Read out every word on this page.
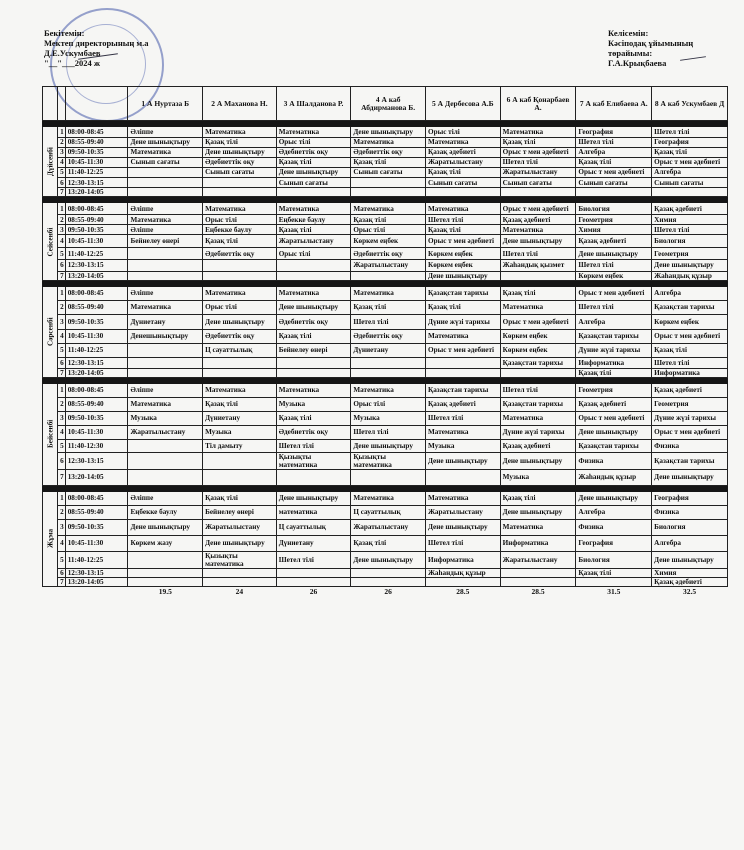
Бекітемін:
Мектеп директорының м.а
Д.Е.Ускумбаев
"__"___2024 ж
Келісемін:
Кәсіподақ ұйымының төрайымы:
Г.А.Крықбаева
			1 А Нуртаза Б	2 А Маханова Н.	3 А Шалданова Р.	4 А каб Абдирманова Б.	5 А Дербесова А.Б	6 А каб Қонарбаев А.	7 А каб Елибаева А.	8 А каб Ускумбаев Д

Дүйсенбі	1	08:00-08:45	Әліппе	Математика	Математика	Дене шынықтыру	Орыс тілі	Математика	География	Шетел тілі
	2	08:55-09:40	Дене шынықтыру	Қазақ тілі	Орыс тілі	Математика	Математика	Қазақ тілі	Шетел тілі	География
	3	09:50-10:35	Математика	Дене шынықтыру	Әдебиеттік оқу	Әдебиеттік оқу	Қазақ әдебиеті	Орыс т мен әдебиеті	Алгебра	Қазақ тілі
	4	10:45-11:30	Сынып сағаты	Әдебиеттік оқу	Қазақ тілі	Қазақ тілі	Жаратылыстану	Шетел тілі	Қазақ тілі	Орыс т мен әдебиеті
	5	11:40-12:25		Сынып сағаты	Дене шынықтыру	Сынып сағаты	Қазақ тілі	Жаратылыстану	Орыс т мен әдебиеті	Алгебра
	6	12:30-13:15			Сынып сағаты		Сынып сағаты	Сынып сағаты	Сынып сағаты	Сынып сағаты
	7	13:20-14:05								

Сейсенбі	1	08:00-08:45	Әліппе	Математика	Математика	Математика	Математика	Орыс т мен әдебиеті	Биология	Қазақ әдебиеті
	2	08:55-09:40	Математика	Орыс тілі	Еңбекке баулу	Қазақ тілі	Шетел тілі	Қазақ әдебиеті	Геометрия	Химия
	3	09:50-10:35	Әліппе	Еңбекке баулу	Қазақ тілі	Орыс тілі	Қазақ тілі	Математика	Химия	Шетел тілі
	4	10:45-11:30	Бейнелеу өнері	Қазақ тілі	Жаратылыстану	Көркем еңбек	Орыс т мен әдебиеті	Дене шынықтыру	Қазақ әдебиеті	Биология
	5	11:40-12:25		Әдебиеттік оқу	Орыс тілі	Әдебиеттік оқу	Көркем еңбек	Шетел тілі	Дене шынықтыру	Геометрия
	6	12:30-13:15				Жаратылыстану	Көркем еңбек	Жаһандық қызмет	Шетел тілі	Дене шынықтыру
	7	13:20-14:05					Дене шынықтыру		Көркем еңбек	Жаһандық құзыр

Сәрсенбі	1	08:00-08:45	Әліппе	Математика	Математика	Математика	Қазақстан тарихы	Қазақ тілі	Орыс т мен әдебиеті	Алгебра
	2	08:55-09:40	Математика	Орыс тілі	Дене шынықтыру	Қазақ тілі	Қазақ тілі	Математика	Шетел тілі	Қазақстан тарихы
	3	09:50-10:35	Дүниетану	Дене шынықтыру	Әдебиеттік оқу	Шетел тілі	Дүние жүзі тарихы	Орыс т мен әдебиеті	Алгебра	Көркем еңбек
	4	10:45-11:30	Денешынықтыру	Әдебиеттік оқу	Қазақ тілі	Әдебиеттік оқу	Математика	Көркем еңбек	Қазақстан тарихы	Орыс т мен әдебиеті
	5	11:40-12:25		Ц сауаттылық	Бейнелеу өнері	Дүниетану	Орыс т мен әдебиеті	Көркем еңбек	Дүние жүзі тарихы	Қазақ тілі
	6	12:30-13:15						Қазақстан тарихы	Информатика	Шетел тілі
	7	13:20-14:05							Қазақ тілі	Информатика

Бейсенбі	1	08:00-08:45	Әліппе	Математика	Математика	Математика	Қазақстан тарихы	Шетел тілі	Геометрия	Қазақ әдебиеті
	2	08:55-09:40	Математика	Қазақ тілі	Музыка	Орыс тілі	Қазақ әдебиеті	Қазақстан тарихы	Қазақ әдебиеті	Геометрия
	3	09:50-10:35	Музыка	Дүниетану	Қазақ тілі	Музыка	Шетел тілі	Математика	Орыс т мен әдебиеті	Дүние жүзі тарихы
	4	10:45-11:30	Жаратылыстану	Музыка	Әдебиеттік оқу	Шетел тілі	Математика	Дүние жүзі тарихы	Дене шынықтыру	Орыс т мен әдебиеті
	5	11:40-12:30		Тіл дамыту	Шетел тілі	Дене шынықтыру	Музыка	Қазақ әдебиеті	Қазақстан тарихы	Физика
	6	12:30-13:15			Қызықты математика	Қызықты математика	Дене шынықтыру	Дене шынықтыру	Физика	Қазақстан тарихы
	7	13:20-14:05						Музыка	Жаһандық құзыр	Дене шынықтыру

Жұма	1	08:00-08:45	Әліппе	Қазақ тілі	Дене шынықтыру	Математика	Математика	Қазақ тілі	Дене шынықтыру	География
	2	08:55-09:40	Еңбекке баулу	Бейнелеу өнері	математика	Ц сауаттылық	Жаратылыстану	Дене шынықтыру	Алгебра	Физика
	3	09:50-10:35	Дене шынықтыру	Жаратылыстану	Ц сауаттылық	Жаратылыстану	Дене шынықтыру	Математика	Физика	Биология
	4	10:45-11:30	Көркем жазу	Дене шынықтыру	Дүниетану	Қазақ тілі	Шетел тілі	Информатика	География	Алгебра
	5	11:40-12:25		Қызықты математика	Шетел тілі	Дене шынықтыру	Информатика	Жаратылыстану	Биология	Дене шынықтыру
	6	12:30-13:15					Жаһандық құзыр		Қазақ тілі	Химия
	7	13:20-14:05								Қазақ әдебиеті
			19.5	24	26	26	28.5	28.5	31.5	32.5
